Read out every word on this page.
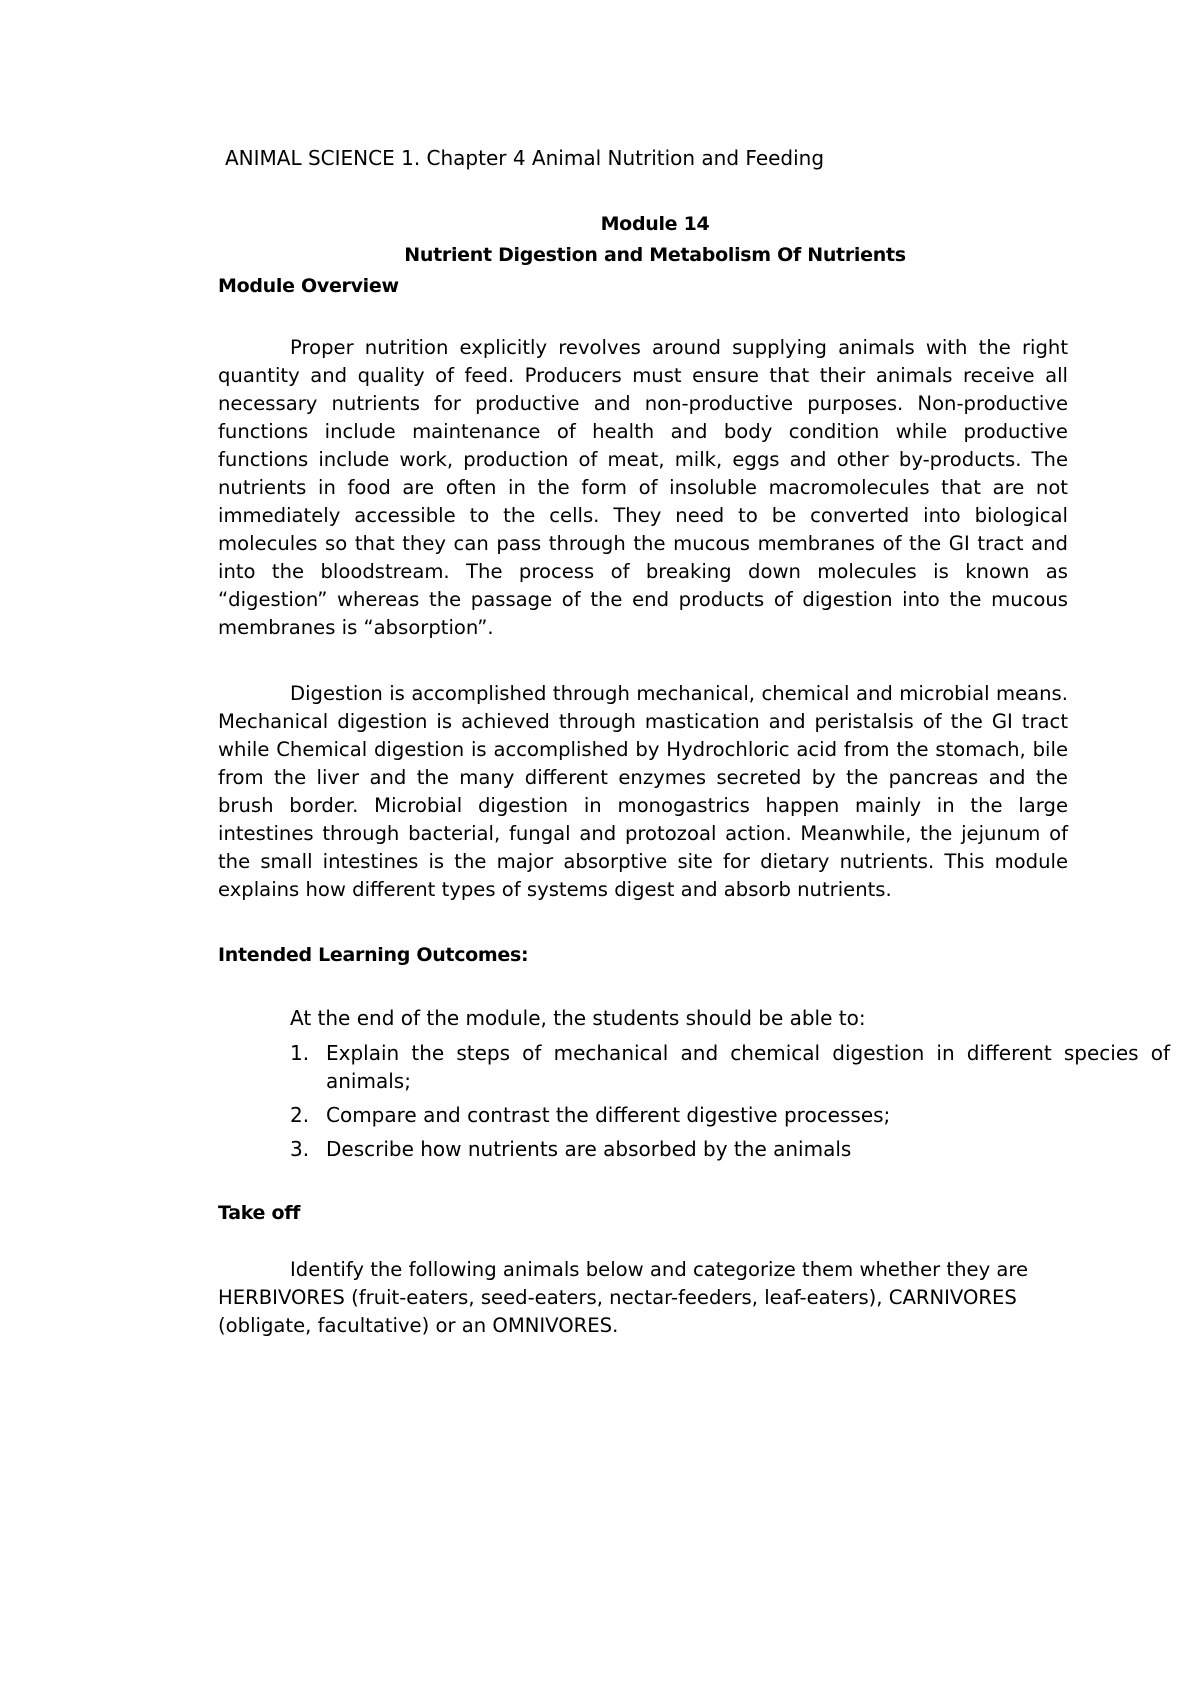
ANIMAL SCIENCE 1. Chapter 4 Animal Nutrition and Feeding
Module 14
Nutrient Digestion and Metabolism Of Nutrients
Module Overview

Proper nutrition explicitly revolves around supplying animals with the right quantity and quality of feed. Producers must ensure that their animals receive all necessary nutrients for productive and non-productive purposes. Non-productive functions include maintenance of health and body condition while productive functions include work, production of meat, milk, eggs and other by-products. The nutrients in food are often in the form of insoluble macromolecules that are not immediately accessible to the cells. They need to be converted into biological molecules so that they can pass through the mucous membranes of the GI tract and into the bloodstream. The process of breaking down molecules is known as “digestion” whereas the passage of the end products of digestion into the mucous membranes is “absorption”.

Digestion is accomplished through mechanical, chemical and microbial means. Mechanical digestion is achieved through mastication and peristalsis of the GI tract while Chemical digestion is accomplished by Hydrochloric acid from the stomach, bile from the liver and the many different enzymes secreted by the pancreas and the brush border. Microbial digestion in monogastrics happen mainly in the large intestines through bacterial, fungal and protozoal action. Meanwhile, the jejunum of the small intestines is the major absorptive site for dietary nutrients. This module explains how different types of systems digest and absorb nutrients.

Intended Learning Outcomes:
At the end of the module, the students should be able to:
1. Explain the steps of mechanical and chemical digestion in different species of animals;
2. Compare and contrast the different digestive processes;
3. Describe how nutrients are absorbed by the animals
Take off

Identify the following animals below and categorize them whether they are HERBIVORES (fruit-eaters, seed-eaters, nectar-feeders, leaf-eaters), CARNIVORES (obligate, facultative) or an OMNIVORES.
